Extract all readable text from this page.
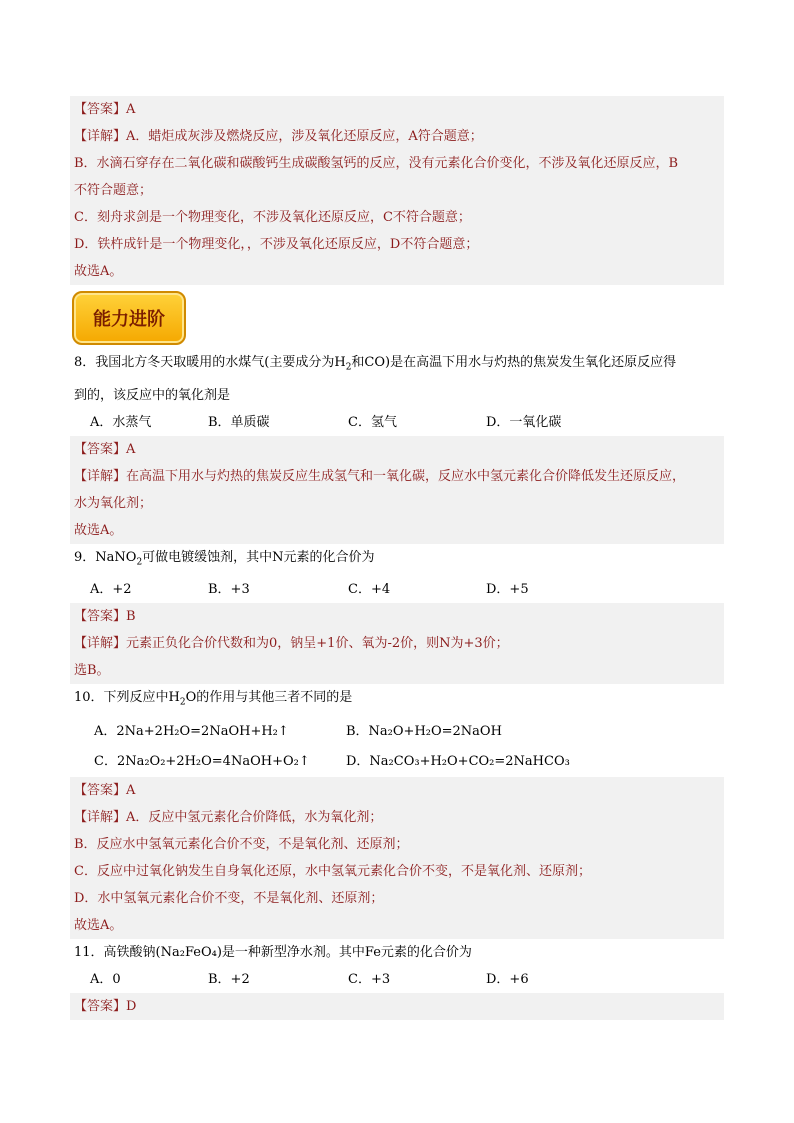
【答案】A
【详解】A．蜡炬成灰涉及燃烧反应，涉及氧化还原反应，A符合题意；
B．水滴石穿存在二氧化碳和碳酸钙生成碳酸氢钙的反应，没有元素化合价变化，不涉及氧化还原反应，B
不符合题意；
C．刻舟求剑是一个物理变化，不涉及氧化还原反应，C不符合题意；
D．铁杵成针是一个物理变化，，不涉及氧化还原反应，D不符合题意；
故选A。
能力进阶
8．我国北方冬天取暖用的水煤气(主要成分为$H_2$和CO)是在高温下用水与灼热的焦炭发生氧化还原反应得
到的，该反应中的氧化剂是
A．水蒸气	B．单质碳	C．氢气	D．一氧化碳
【答案】A
【详解】在高温下用水与灼热的焦炭反应生成氢气和一氧化碳，反应水中氢元素化合价降低发生还原反应，
水为氧化剂；
故选A。
9．NaNO$_2$可做电镀缓蚀剂，其中N元素的化合价为
A．+2	B．+3	C．+4	D．+5
【答案】B
【详解】元素正负化合价代数和为0，钠呈+1价、氧为-2价，则N为+3价；
选B。
10．下列反应中$H_2O$的作用与其他三者不同的是
A．2Na+2H₂O=2NaOH+H₂↑	B．Na₂O+H₂O=2NaOH
C．2Na₂O₂+2H₂O=4NaOH+O₂↑	D．Na₂CO₃+H₂O+CO₂=2NaHCO₃
【答案】A
【详解】A．反应中氢元素化合价降低，水为氧化剂；
B．反应水中氢氧元素化合价不变，不是氧化剂、还原剂；
C．反应中过氧化钠发生自身氧化还原，水中氢氧元素化合价不变，不是氧化剂、还原剂；
D．水中氢氧元素化合价不变，不是氧化剂、还原剂；
故选A。
11．高铁酸钠(Na₂FeO₄)是一种新型净水剂。其中Fe元素的化合价为
A．0	B．+2	C．+3	D．+6
【答案】D
